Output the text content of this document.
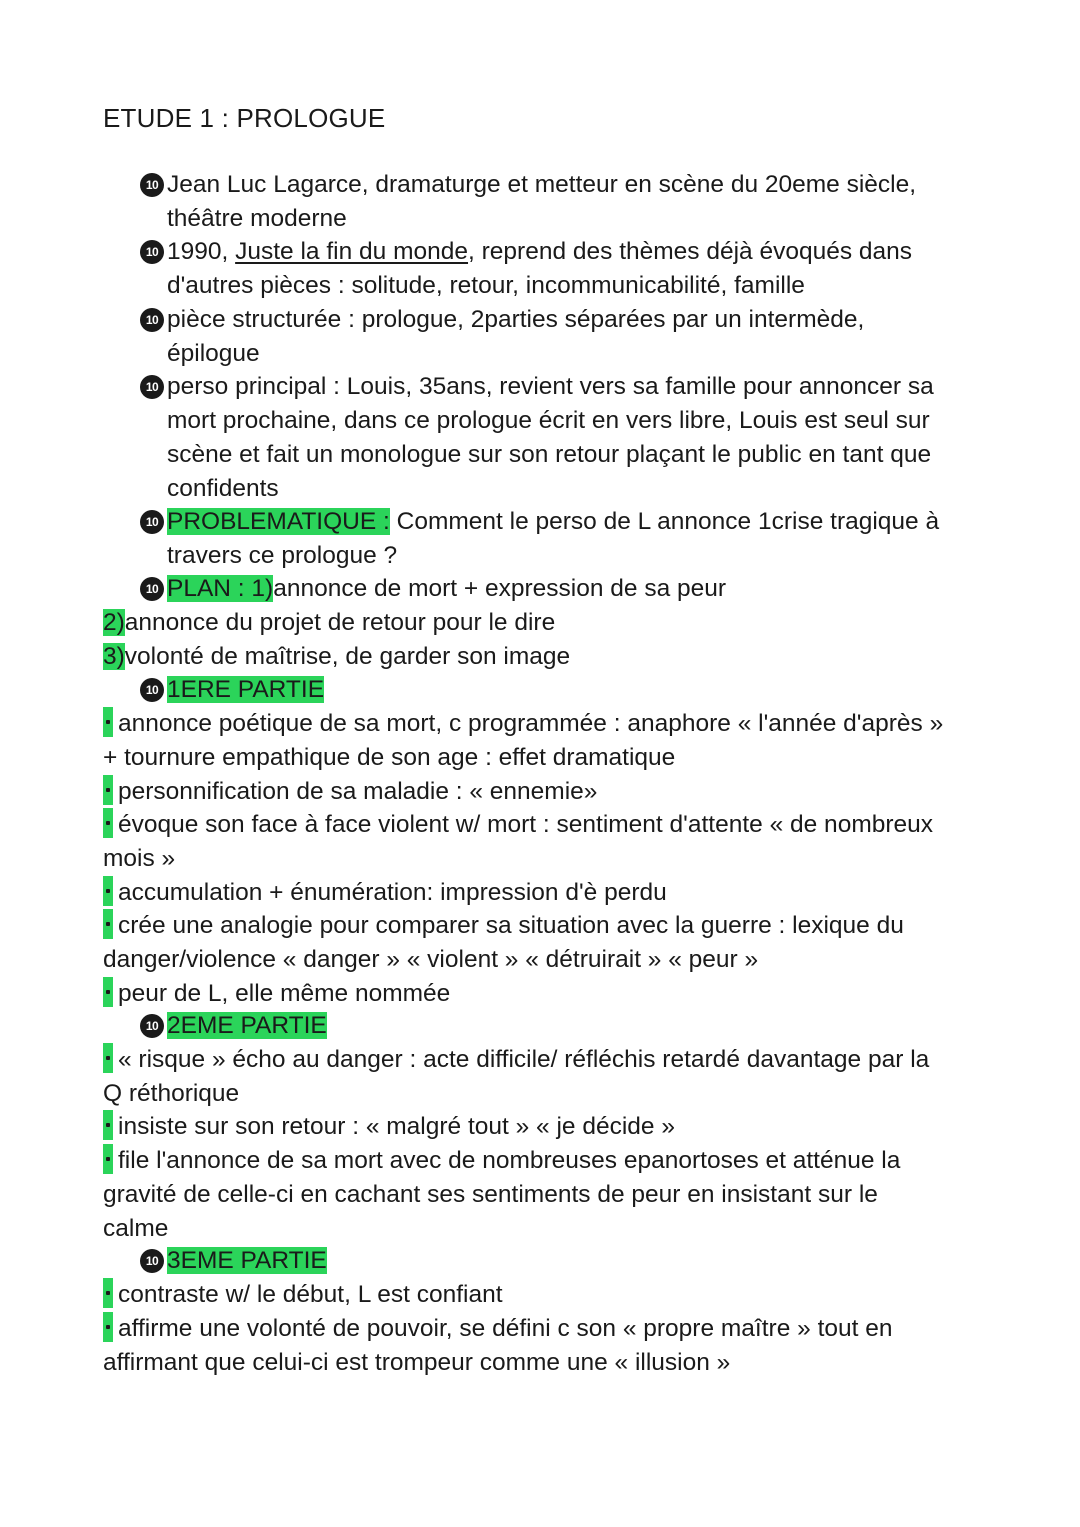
ETUDE 1 : PROLOGUE
10 Jean Luc Lagarce, dramaturge et metteur en scène du 20eme siècle,
théâtre moderne
10 1990, Juste la fin du monde, reprend des thèmes déjà évoqués dans
d'autres pièces : solitude, retour, incommunicabilité, famille
10 pièce structurée : prologue, 2parties séparées par un intermède,
épilogue
10 perso principal : Louis, 35ans, revient vers sa famille pour annoncer sa
mort prochaine, dans ce prologue écrit en vers libre, Louis est seul sur
scène et fait un monologue sur son retour plaçant le public en tant que
confidents
10 PROBLEMATIQUE : Comment le perso de L annonce 1crise tragique à
travers ce prologue ?
10 PLAN : 1)annonce de mort + expression de sa peur
2)annonce du projet de retour pour le dire
3)volonté de maîtrise, de garder son image
10 1ERE PARTIE
annonce poétique de sa mort, c programmée : anaphore « l'année d'après »
+ tournure empathique de son age : effet dramatique
personnification de sa maladie : « ennemie»
évoque son face à face violent w/ mort : sentiment d'attente « de nombreux
mois »
accumulation + énumération: impression d'è perdu
crée une analogie pour comparer sa situation avec la guerre : lexique du
danger/violence « danger » « violent » « détruirait » « peur »
peur de L, elle même nommée
10 2EME PARTIE
« risque » écho au danger : acte difficile/ réfléchis retardé davantage par la
Q réthorique
insiste sur son retour : « malgré tout » « je décide »
file l'annonce de sa mort avec de nombreuses epanortoses et atténue la
gravité de celle-ci en cachant ses sentiments de peur en insistant sur le
calme
10 3EME PARTIE
contraste w/ le début, L est confiant
affirme une volonté de pouvoir, se défini c son « propre maître » tout en
affirmant que celui-ci est trompeur comme une « illusion »
